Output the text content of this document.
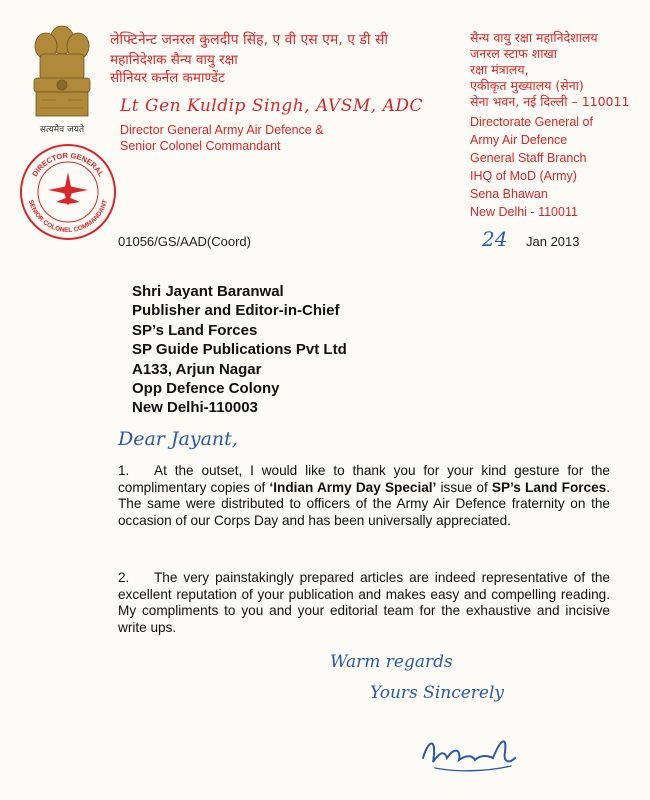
सत्यमेव जयते
लेफ्टिनेन्ट जनरल कुलदीप सिंह, ए वी एस एम, ए डी सी
महानिदेशक सैन्य वायु रक्षा
सीनियर कर्नल कमाण्डेंट
Lt Gen Kuldip Singh, AVSM, ADC
Director General Army Air Defence &
Senior Colonel Commandant
सैन्य वायु रक्षा महानिदेशालय
जनरल स्टाफ शाखा
रक्षा मंत्रालय,
एकीकृत मुख्यालय (सेना)
सेना भवन, नई दिल्ली – 110011
Directorate General of
Army Air Defence
General Staff Branch
IHQ of MoD (Army)
Sena Bhawan
New Delhi - 110011
DIRECTOR GENERAL
SENIOR COLONEL COMMANDANT
01056/GS/AAD(Coord)	24 Jan 2013
Shri Jayant Baranwal
Publisher and Editor-in-Chief
SP’s Land Forces
SP Guide Publications Pvt Ltd
A133, Arjun Nagar
Opp Defence Colony
New Delhi-110003
Dear Jayant,
1. At the outset, I would like to thank you for your kind gesture for the complimentary copies of ‘Indian Army Day Special’ issue of SP’s Land Forces. The same were distributed to officers of the Army Air Defence fraternity on the occasion of our Corps Day and has been universally appreciated.
2. The very painstakingly prepared articles are indeed representative of the excellent reputation of your publication and makes easy and compelling reading. My compliments to you and your editorial team for the exhaustive and incisive write ups.
Warm regards
Yours Sincerely
